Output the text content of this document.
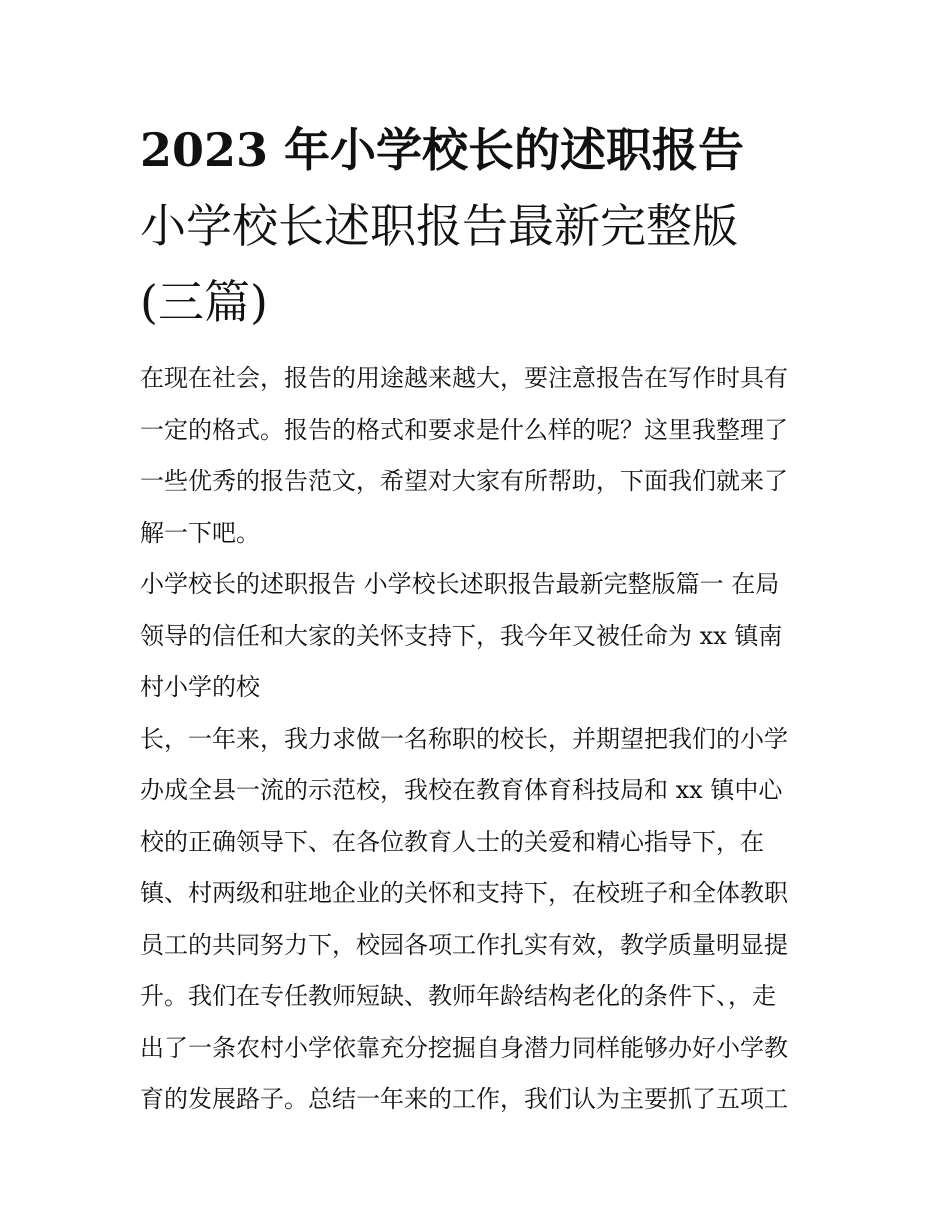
2023 年小学校长的述职报告
小学校长述职报告最新完整版
(三篇)
在现在社会，报告的用途越来越大，要注意报告在写作时具有
一定的格式。报告的格式和要求是什么样的呢？这里我整理了
一些优秀的报告范文，希望对大家有所帮助，下面我们就来了
解一下吧。
小学校长的述职报告 小学校长述职报告最新完整版篇一 在局
领导的信任和大家的关怀支持下，我今年又被任命为 xx 镇南
村小学的校
长，一年来，我力求做一名称职的校长，并期望把我们的小学
办成全县一流的示范校，我校在教育体育科技局和 xx 镇中心
校的正确领导下、在各位教育人士的关爱和精心指导下，在
镇、村两级和驻地企业的关怀和支持下，在校班子和全体教职
员工的共同努力下，校园各项工作扎实有效，教学质量明显提
升。我们在专任教师短缺、教师年龄结构老化的条件下、，走
出了一条农村小学依靠充分挖掘自身潜力同样能够办好小学教
育的发展路子。总结一年来的工作，我们认为主要抓了五项工
